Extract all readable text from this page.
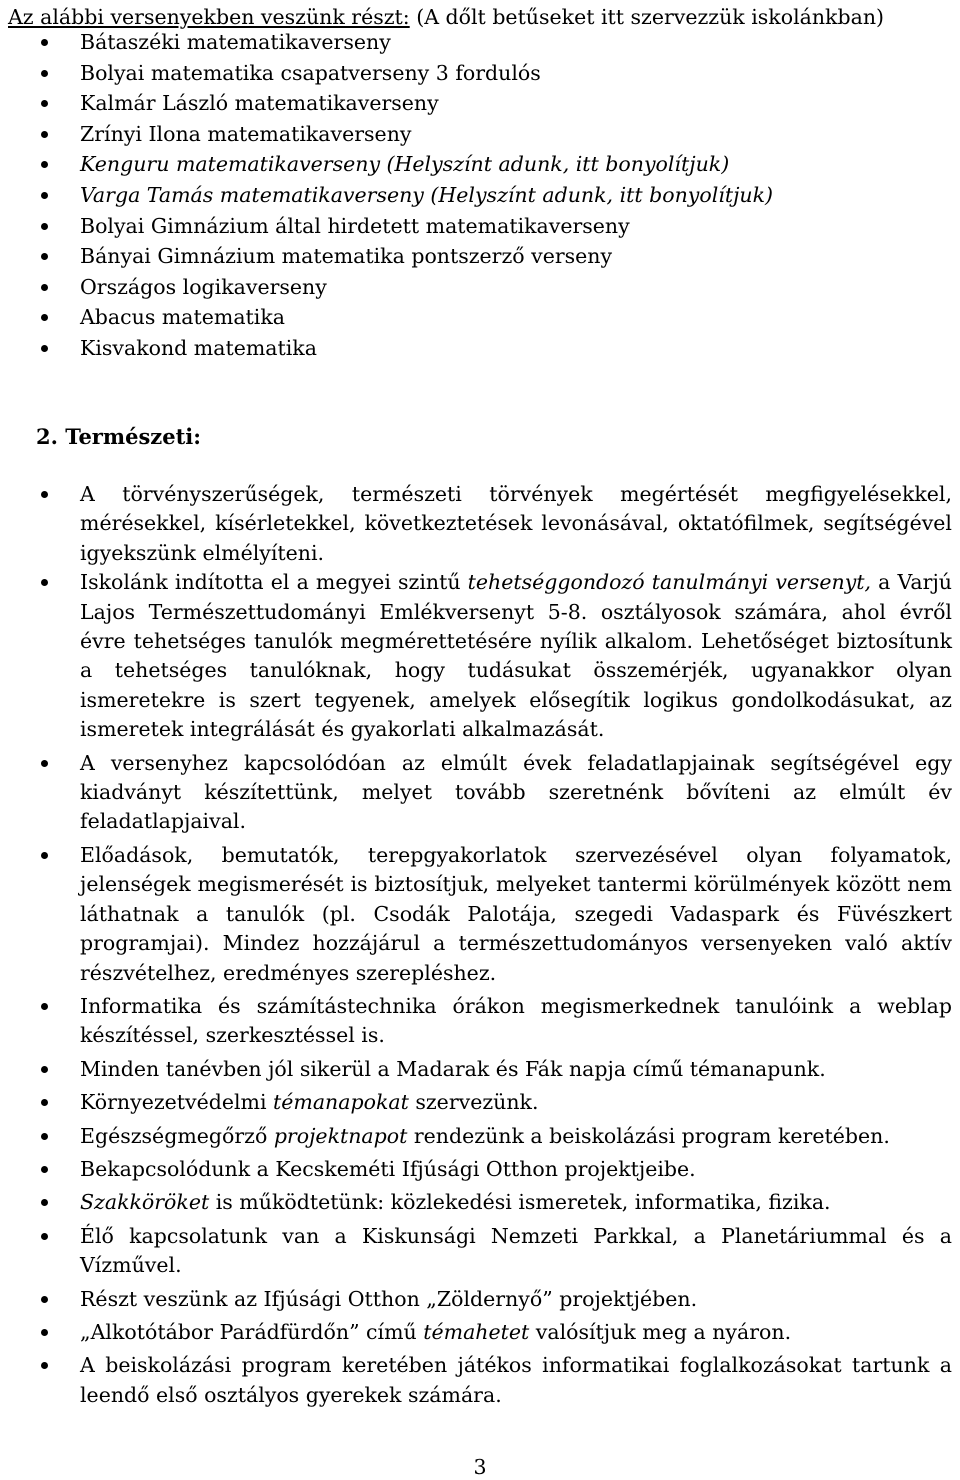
Az alábbi versenyekben veszünk részt: (A dőlt betűseket itt szervezzük iskolánkban)
Bátaszéki matematikaverseny
Bolyai matematika csapatverseny 3 fordulós
Kalmár László matematikaverseny
Zrínyi Ilona matematikaverseny
Kenguru matematikaverseny (Helyszínt adunk, itt bonyolítjuk)
Varga Tamás matematikaverseny (Helyszínt adunk, itt bonyolítjuk)
Bolyai Gimnázium által hirdetett matematikaverseny
Bányai Gimnázium matematika pontszerző verseny
Országos logikaverseny
Abacus matematika
Kisvakond matematika
2. Természeti:
A törvényszerűségek, természeti törvények megértését megfigyelésekkel, mérésekkel, kísérletekkel, következtetések levonásával, oktatófilmek, segítségével igyekszünk elmélyíteni.
Iskolánk indította el a megyei szintű tehetséggondozó tanulmányi versenyt, a Varjú Lajos Természettudományi Emlékversenyt 5-8. osztályosok számára, ahol évről évre tehetséges tanulók megmérettetésére nyílik alkalom. Lehetőséget biztosítunk a tehetséges tanulóknak, hogy tudásukat összemérjék, ugyanakkor olyan ismeretekre is szert tegyenek, amelyek elősegítik logikus gondolkodásukat, az ismeretek integrálását és gyakorlati alkalmazását.
A versenyhez kapcsolódóan az elmúlt évek feladatlapjainak segítségével egy kiadványt készítettünk, melyet tovább szeretnénk bővíteni az elmúlt év feladatlapjaival.
Előadások, bemutatók, terepgyakorlatok szervezésével olyan folyamatok, jelenségek megismerését is biztosítjuk, melyeket tantermi körülmények között nem láthatnak a tanulók (pl. Csodák Palotája, szegedi Vadaspark és Füvészkert programjai). Mindez hozzájárul a természettudományos versenyeken való aktív részvételhez, eredményes szerepléshez.
Informatika és számítástechnika órákon megismerkednek tanulóink a weblap készítéssel, szerkesztéssel is.
Minden tanévben jól sikerül a Madarak és Fák napja című témanapunk.
Környezetvédelmi témanapokat szervezünk.
Egészségmegőrző projektnapot rendezünk a beiskolázási program keretében.
Bekapcsolódunk a Kecskeméti Ifjúsági Otthon projektjeibe.
Szakköröket is működtetünk: közlekedési ismeretek, informatika, fizika.
Élő kapcsolatunk van a Kiskunsági Nemzeti Parkkal, a Planetáriummal és a Vízművel.
Részt veszünk az Ifjúsági Otthon „Zöldernyő” projektjében.
„Alkotótábor Parádfürdőn” című témahetet valósítjuk meg a nyáron.
A beiskolázási program keretében játékos informatikai foglalkozásokat tartunk a leendő első osztályos gyerekek számára.
3
